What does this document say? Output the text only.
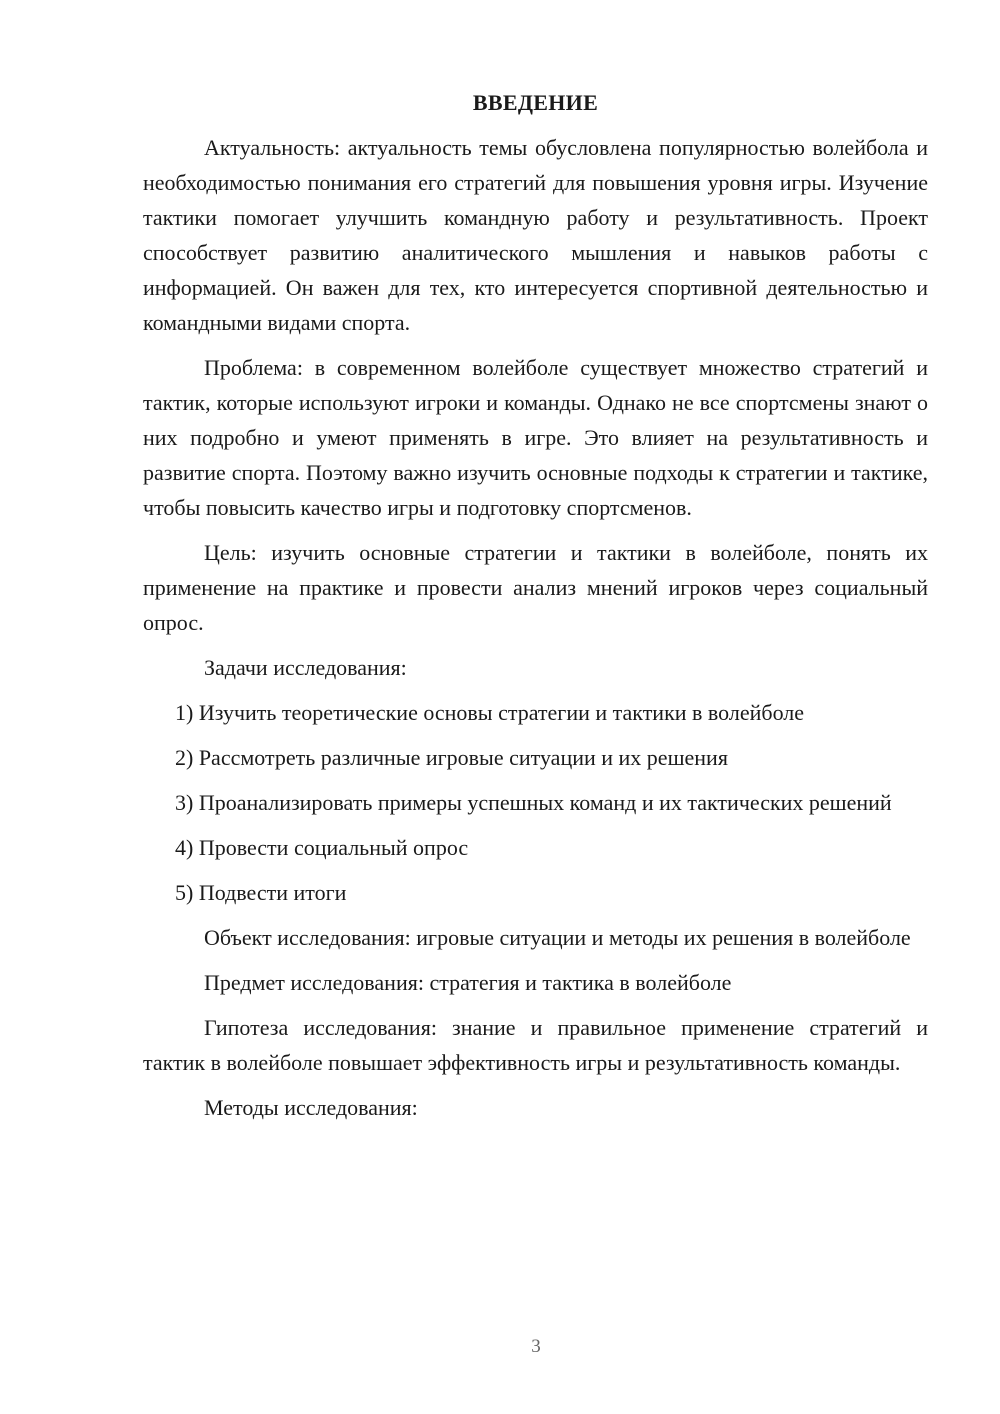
ВВЕДЕНИЕ

Актуальность: актуальность темы обусловлена популярностью волейбола и необходимостью понимания его стратегий для повышения уровня игры. Изучение тактики помогает улучшить командную работу и результативность. Проект способствует развитию аналитического мышления и навыков работы с информацией. Он важен для тех, кто интересуется спортивной деятельностью и командными видами спорта.

Проблема: в современном волейболе существует множество стратегий и тактик, которые используют игроки и команды. Однако не все спортсмены знают о них подробно и умеют применять в игре. Это влияет на результативность и развитие спорта. Поэтому важно изучить основные подходы к стратегии и тактике, чтобы повысить качество игры и подготовку спортсменов.

Цель: изучить основные стратегии и тактики в волейболе, понять их применение на практике и провести анализ мнений игроков через социальный опрос.

Задачи исследования:

1) Изучить теоретические основы стратегии и тактики в волейболе

2) Рассмотреть различные игровые ситуации и их решения

3) Проанализировать примеры успешных команд и их тактических решений

4) Провести социальный опрос

5) Подвести итоги

Объект исследования: игровые ситуации и методы их решения в волейболе

Предмет исследования: стратегия и тактика в волейболе

Гипотеза исследования: знание и правильное применение стратегий и тактик в волейболе повышает эффективность игры и результативность команды.

Методы исследования:

3
